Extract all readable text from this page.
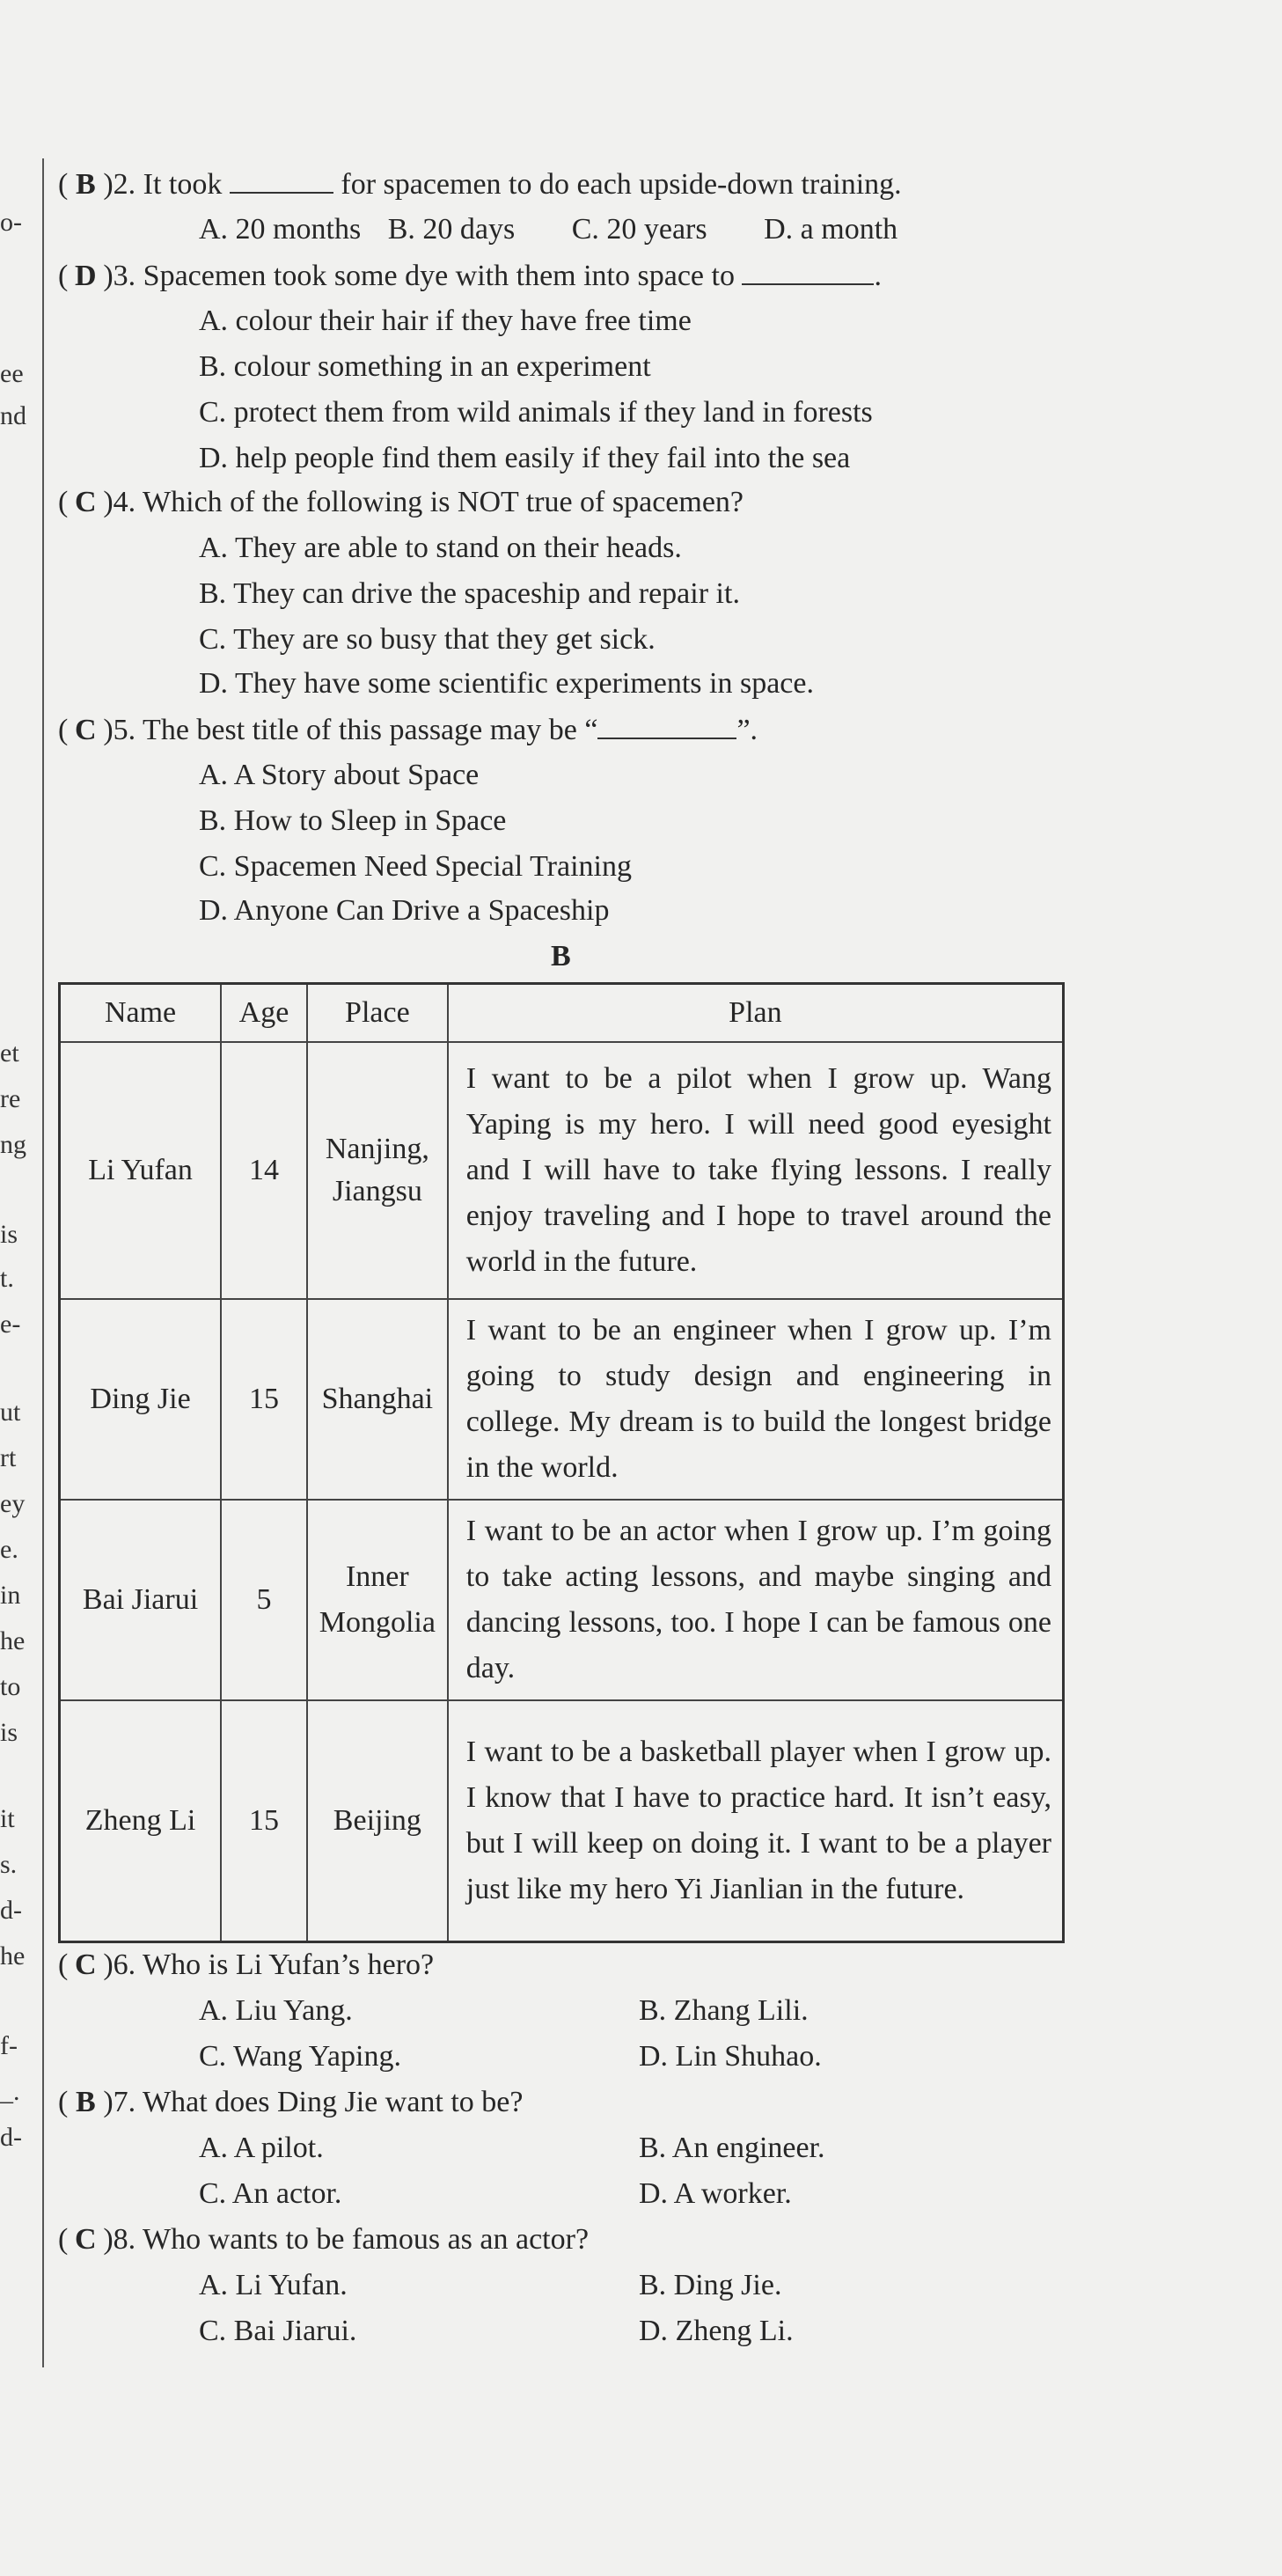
o-
ee
nd
et
re
ng
is
t.
e-
ut
rt
ey
e.
in
he
to
is
it
s.
d-
he
f-
_.
d-
( B )2. It took	for spacemen to do each upside-down training.
A. 20 months B. 20 days C. 20 years D. a month
( D )3. Spacemen took some dye with them into space to	.
A. colour their hair if they have free time
B. colour something in an experiment
C. protect them from wild animals if they land in forests
D. help people find them easily if they fail into the sea
( C )4. Which of the following is NOT true of spacemen?
A. They are able to stand on their heads.
B. They can drive the spaceship and repair it.
C. They are so busy that they get sick.
D. They have some scientific experiments in space.
( C )5. The best title of this passage may be “	”.
A. A Story about Space
B. How to Sleep in Space
C. Spacemen Need Special Training
D. Anyone Can Drive a Spaceship
B
Name	Age	Place	Plan
Li Yufan	14	Nanjing, Jiangsu	I want to be a pilot when I grow up. Wang Yaping is my hero. I will need good eyesight and I will have to take flying lessons. I really enjoy traveling and I hope to travel around the world in the future.
Ding Jie	15	Shanghai	I want to be an engineer when I grow up. I’m going to study design and engineering in college. My dream is to build the longest bridge in the world.
Bai Jiarui	5	Inner Mongolia	I want to be an actor when I grow up. I’m going to take acting lessons, and maybe singing and dancing lessons, too. I hope I can be famous one day.
Zheng Li	15	Beijing	I want to be a basketball player when I grow up. I know that I have to practice hard. It isn’t easy, but I will keep on doing it. I want to be a player just like my hero Yi Jianlian in the future.
( C )6. Who is Li Yufan’s hero?
A. Liu Yang.	B. Zhang Lili.
C. Wang Yaping.	D. Lin Shuhao.
( B )7. What does Ding Jie want to be?
A. A pilot.	B. An engineer.
C. An actor.	D. A worker.
( C )8. Who wants to be famous as an actor?
A. Li Yufan.	B. Ding Jie.
C. Bai Jiarui.	D. Zheng Li.
